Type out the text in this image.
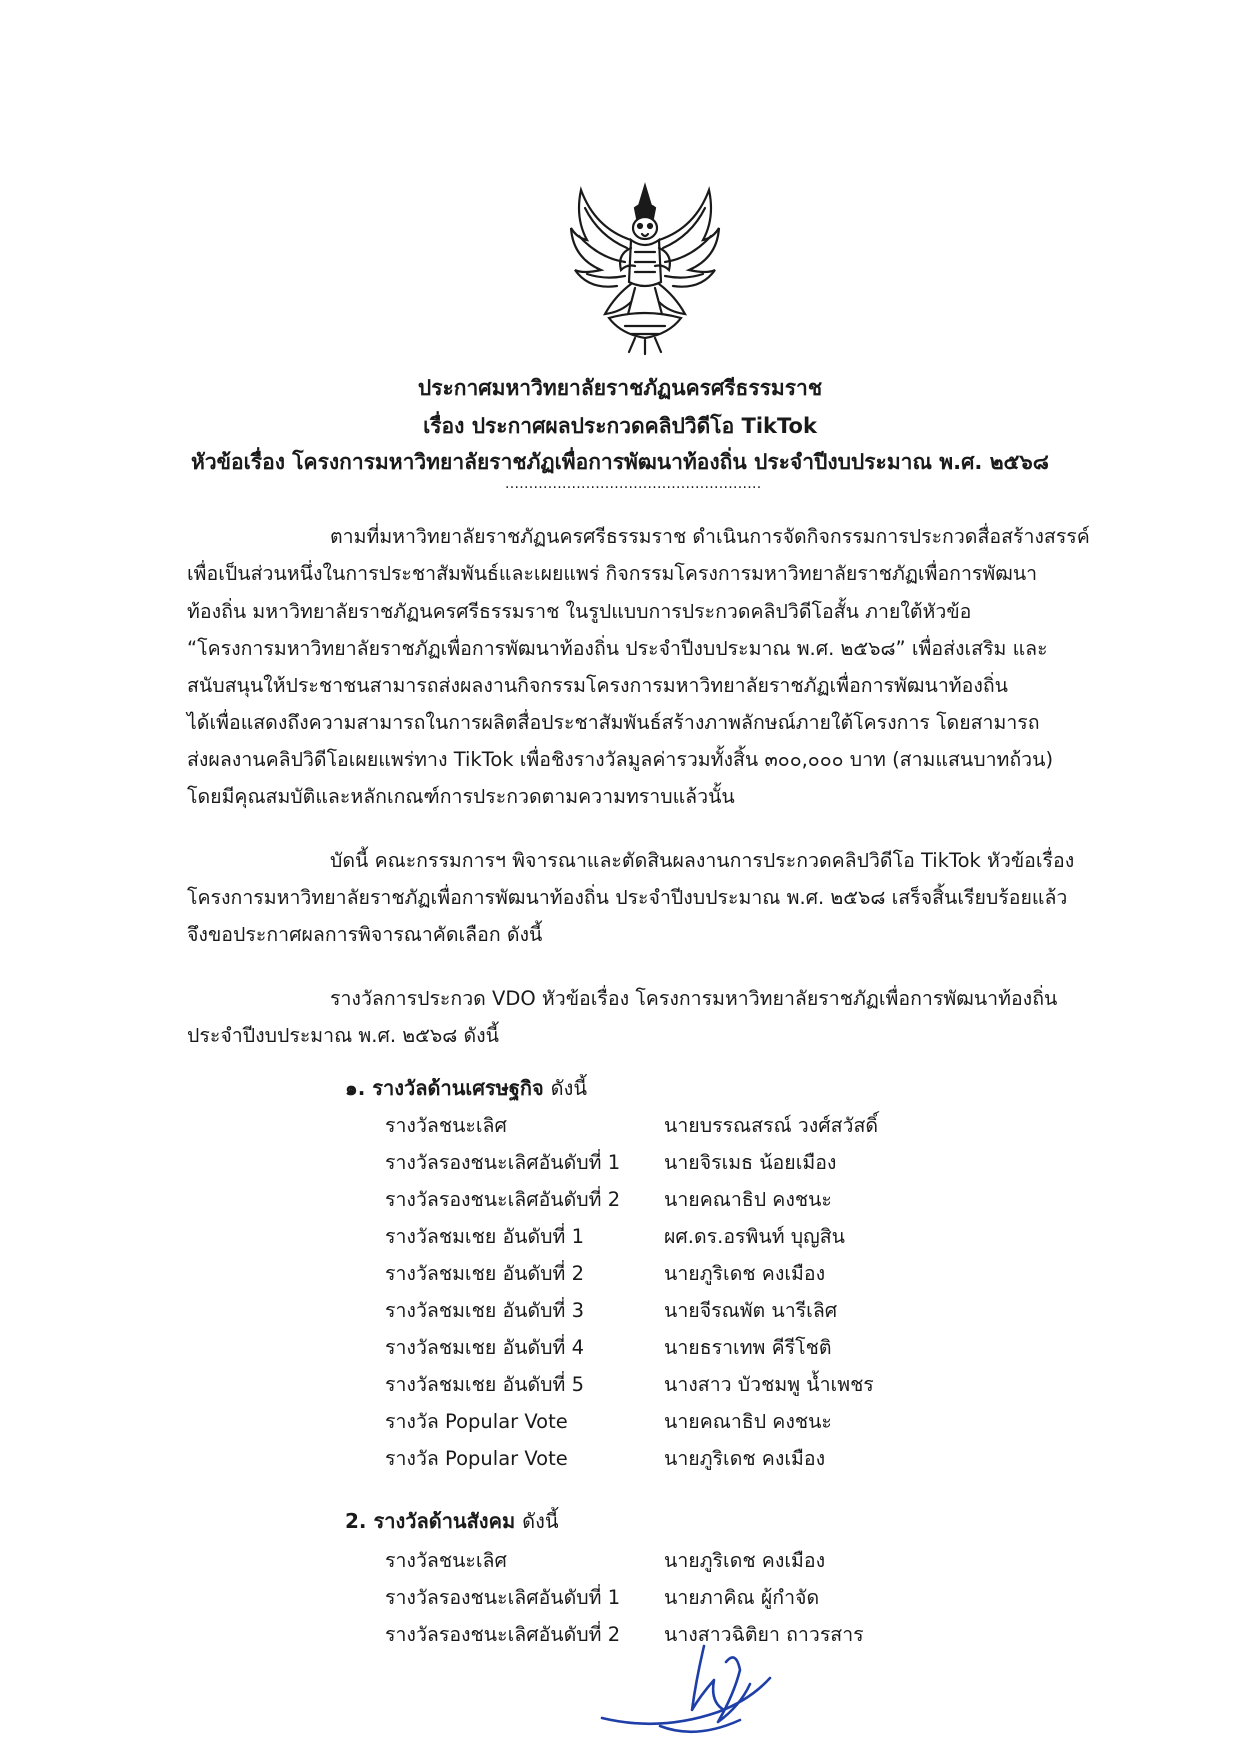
ประกาศมหาวิทยาลัยราชภัฏนครศรีธรรมราช
เรื่อง ประกาศผลประกวดคลิปวิดีโอ TikTok
หัวข้อเรื่อง โครงการมหาวิทยาลัยราชภัฏเพื่อการพัฒนาท้องถิ่น ประจำปีงบประมาณ พ.ศ. ๒๕๖๘
......................................................
ตามที่มหาวิทยาลัยราชภัฏนครศรีธรรมราช ดำเนินการจัดกิจกรรมการประกวดสื่อสร้างสรรค์
เพื่อเป็นส่วนหนึ่งในการประชาสัมพันธ์และเผยแพร่ กิจกรรมโครงการมหาวิทยาลัยราชภัฏเพื่อการพัฒนา
ท้องถิ่น มหาวิทยาลัยราชภัฏนครศรีธรรมราช ในรูปแบบการประกวดคลิปวิดีโอสั้น ภายใต้หัวข้อ
“โครงการมหาวิทยาลัยราชภัฏเพื่อการพัฒนาท้องถิ่น ประจำปีงบประมาณ พ.ศ. ๒๕๖๘” เพื่อส่งเสริม และ
สนับสนุนให้ประชาชนสามารถส่งผลงานกิจกรรมโครงการมหาวิทยาลัยราชภัฏเพื่อการพัฒนาท้องถิ่น
ได้เพื่อแสดงถึงความสามารถในการผลิตสื่อประชาสัมพันธ์สร้างภาพลักษณ์ภายใต้โครงการ โดยสามารถ
ส่งผลงานคลิปวิดีโอเผยแพร่ทาง TikTok เพื่อชิงรางวัลมูลค่ารวมทั้งสิ้น ๓๐๐,๐๐๐ บาท (สามแสนบาทถ้วน)
โดยมีคุณสมบัติและหลักเกณฑ์การประกวดตามความทราบแล้วนั้น
บัดนี้ คณะกรรมการฯ พิจารณาและตัดสินผลงานการประกวดคลิปวิดีโอ TikTok หัวข้อเรื่อง
โครงการมหาวิทยาลัยราชภัฏเพื่อการพัฒนาท้องถิ่น ประจำปีงบประมาณ พ.ศ. ๒๕๖๘ เสร็จสิ้นเรียบร้อยแล้ว
จึงขอประกาศผลการพิจารณาคัดเลือก ดังนี้
รางวัลการประกวด VDO หัวข้อเรื่อง โครงการมหาวิทยาลัยราชภัฏเพื่อการพัฒนาท้องถิ่น
ประจำปีงบประมาณ พ.ศ. ๒๕๖๘ ดังนี้
๑. รางวัลด้านเศรษฐกิจ ดังนี้
รางวัลชนะเลิศ	นายบรรณสรณ์ วงศ์สวัสดิ์
รางวัลรองชนะเลิศอันดับที่ 1 นายจิรเมธ น้อยเมือง
รางวัลรองชนะเลิศอันดับที่ 2 นายคณาธิป คงชนะ
รางวัลชมเชย อันดับที่ 1	ผศ.ดร.อรพินท์ บุญสิน
รางวัลชมเชย อันดับที่ 2	นายภูริเดช คงเมือง
รางวัลชมเชย อันดับที่ 3	นายจีรณพัต นารีเลิศ
รางวัลชมเชย อันดับที่ 4	นายธราเทพ คีรีโชติ
รางวัลชมเชย อันดับที่ 5	นางสาว บัวชมพู น้ำเพชร
รางวัล Popular Vote	นายคณาธิป คงชนะ
รางวัล Popular Vote	นายภูริเดช คงเมือง
2. รางวัลด้านสังคม ดังนี้
รางวัลชนะเลิศ	นายภูริเดช คงเมือง
รางวัลรองชนะเลิศอันดับที่ 1 นายภาคิณ ผู้กำจัด
รางวัลรองชนะเลิศอันดับที่ 2 นางสาวฉิติยา ถาวรสาร
